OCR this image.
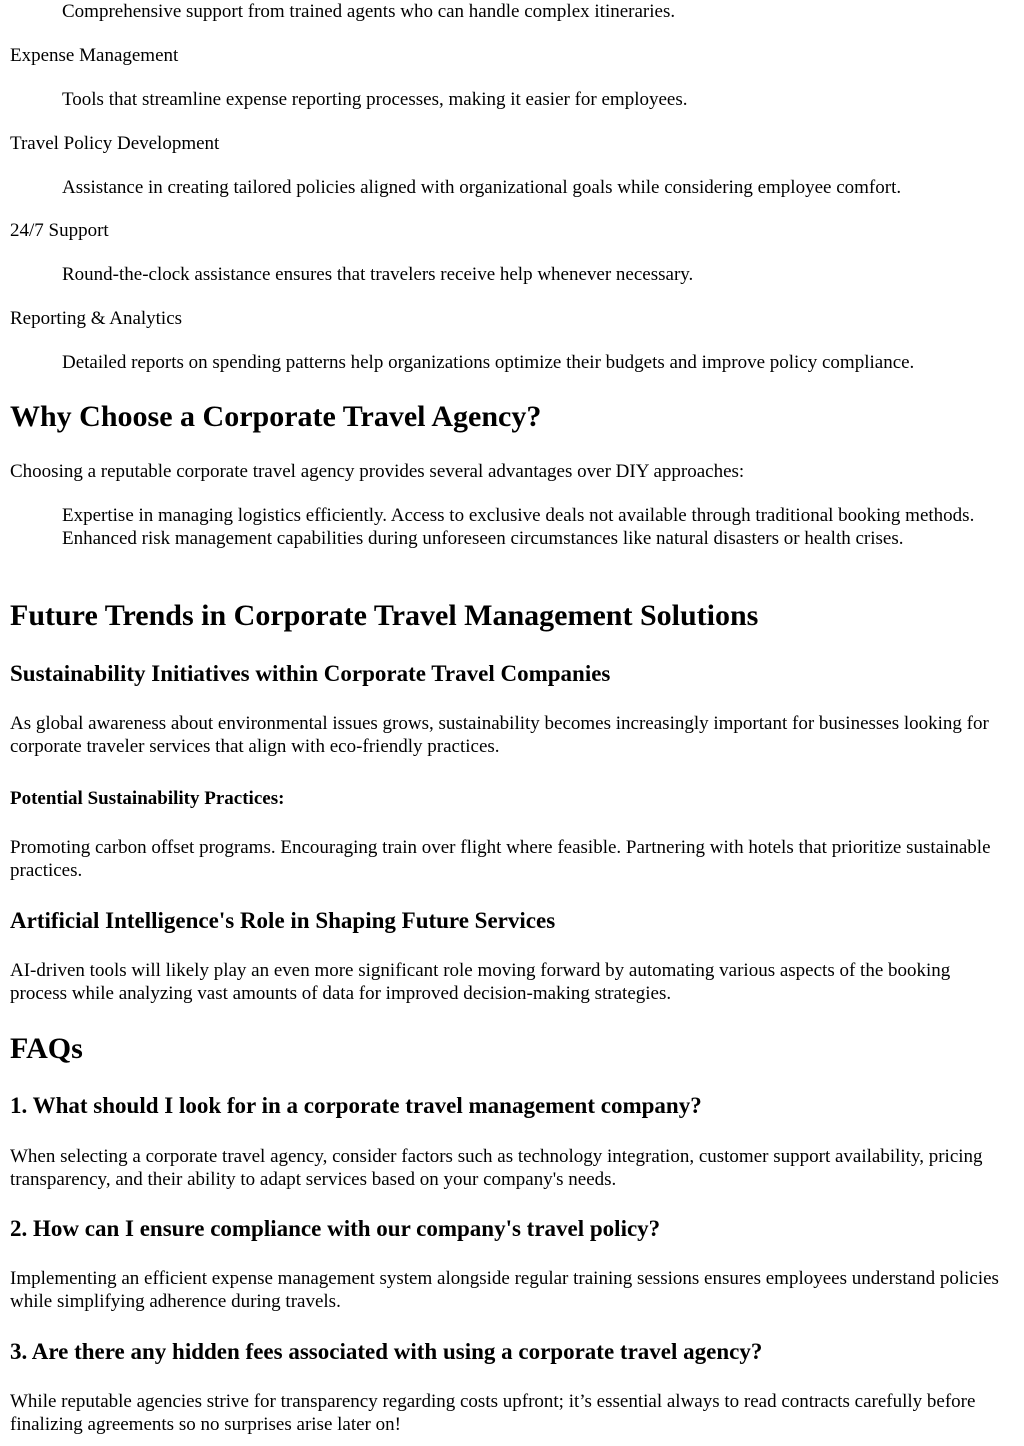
Comprehensive support from trained agents who can handle complex itineraries.
Expense Management
Tools that streamline expense reporting processes, making it easier for employees.
Travel Policy Development
Assistance in creating tailored policies aligned with organizational goals while considering employee comfort.
24/7 Support
Round-the-clock assistance ensures that travelers receive help whenever necessary.
Reporting & Analytics
Detailed reports on spending patterns help organizations optimize their budgets and improve policy compliance.
Why Choose a Corporate Travel Agency?

Choosing a reputable corporate travel agency provides several advantages over DIY approaches:

Expertise in managing logistics efficiently. Access to exclusive deals not available through traditional booking methods. Enhanced risk management capabilities during unforeseen circumstances like natural disasters or health crises.
Future Trends in Corporate Travel Management Solutions
Sustainability Initiatives within Corporate Travel Companies

As global awareness about environmental issues grows, sustainability becomes increasingly important for businesses looking for corporate traveler services that align with eco-friendly practices.

Potential Sustainability Practices:

Promoting carbon offset programs. Encouraging train over flight where feasible. Partnering with hotels that prioritize sustainable practices.

Artificial Intelligence's Role in Shaping Future Services

AI-driven tools will likely play an even more significant role moving forward by automating various aspects of the booking process while analyzing vast amounts of data for improved decision-making strategies.

FAQs
1. What should I look for in a corporate travel management company?

When selecting a corporate travel agency, consider factors such as technology integration, customer support availability, pricing transparency, and their ability to adapt services based on your company's needs.

2. How can I ensure compliance with our company's travel policy?

Implementing an efficient expense management system alongside regular training sessions ensures employees understand policies while simplifying adherence during travels.

3. Are there any hidden fees associated with using a corporate travel agency?

While reputable agencies strive for transparency regarding costs upfront; it’s essential always to read contracts carefully before finalizing agreements so no surprises arise later on!
